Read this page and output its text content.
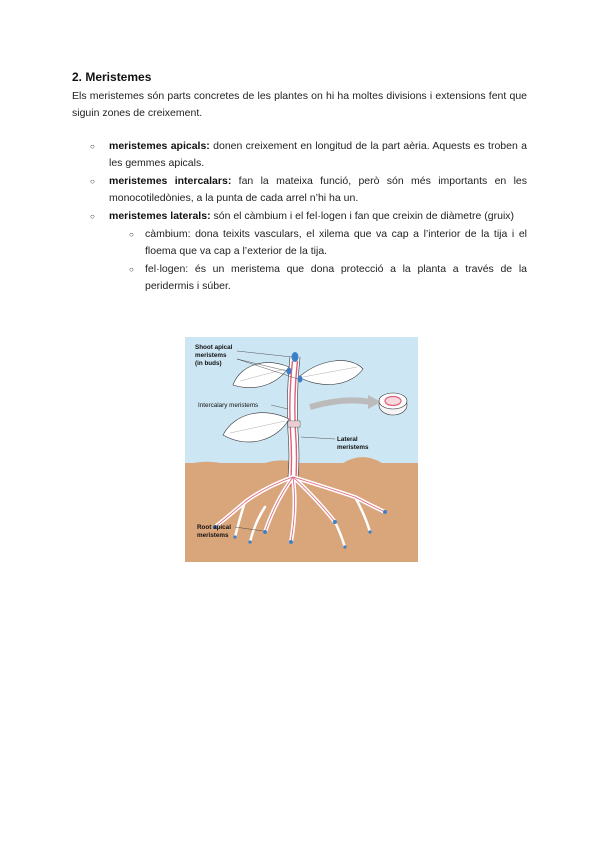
2. Meristemes

Els meristemes són parts concretes de les plantes on hi ha moltes divisions i extensions fent que siguin zones de creixement.

○ meristemes apicals: donen creixement en longitud de la part aèria. Aquests es troben a les gemmes apicals.
○ meristemes intercalars: fan la mateixa funció, però són més importants en les monocotiledònies, a la punta de cada arrel n’hi ha un.
○ meristemes laterals: són el càmbium i el fel·logen i fan que creixin de diàmetre (gruix)
○ càmbium: dona teixits vasculars, el xilema que va cap a l’interior de la tija i el floema que va cap a l’exterior de la tija.
○ fel·logen: és un meristema que dona protecció a la planta a través de la peridermis i súber.
Shoot apical
meristems
(in buds)
Intercalary meristems
Lateral
meristems
Root apical
meristems
